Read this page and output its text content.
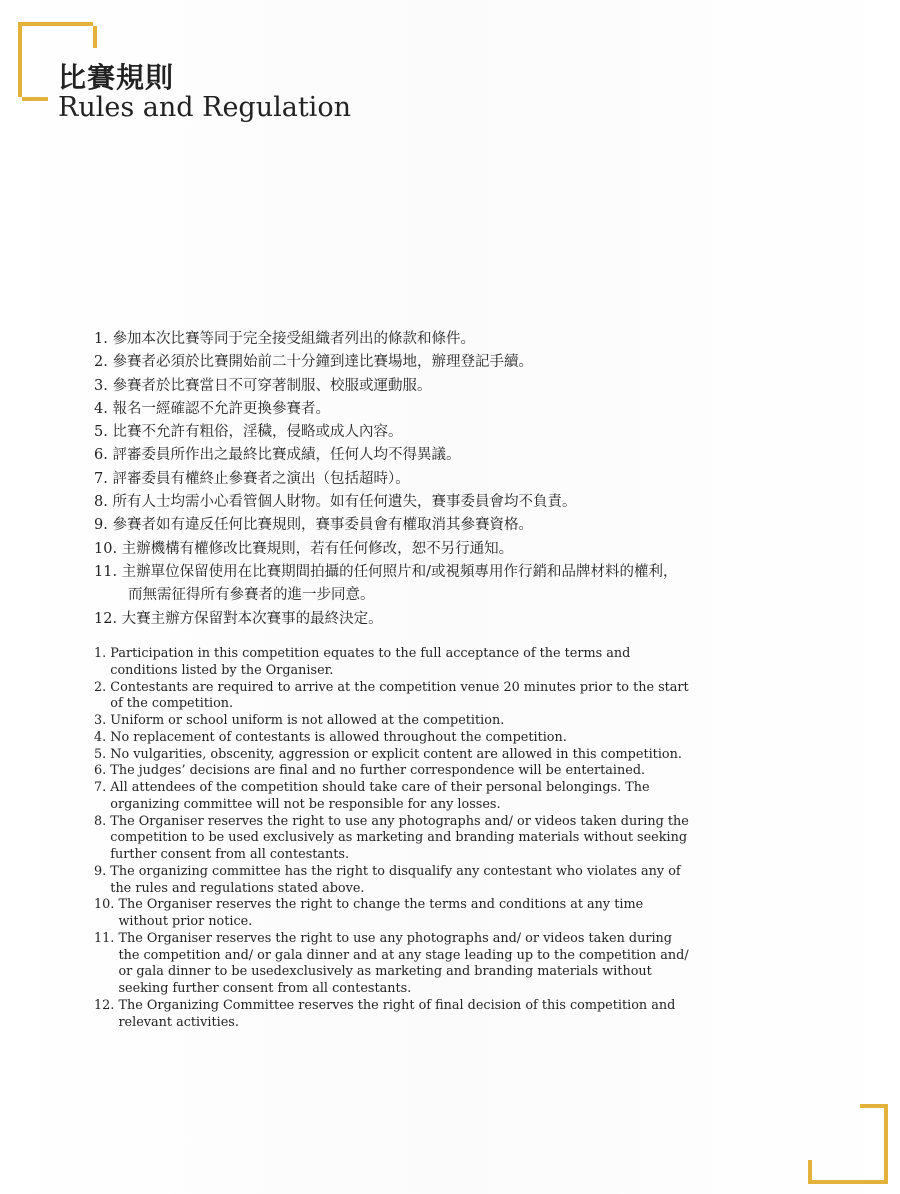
比賽規則
Rules and Regulation
1. 參加本次比賽等同于完全接受組織者列出的條款和條件。
2. 參賽者必須於比賽開始前二十分鐘到達比賽場地，辦理登記手續。
3. 參賽者於比賽當日不可穿著制服、校服或運動服。
4. 報名一經確認不允許更換參賽者。
5. 比賽不允許有粗俗，淫穢，侵略或成人內容。
6. 評審委員所作出之最終比賽成績，任何人均不得異議。
7. 評審委員有權終止參賽者之演出（包括超時）。
8. 所有人士均需小心看管個人財物。如有任何遺失，賽事委員會均不負責。
9. 參賽者如有違反任何比賽規則，賽事委員會有權取消其參賽資格。
10. 主辦機構有權修改比賽規則，若有任何修改，恕不另行通知。
11. 主辦單位保留使用在比賽期間拍攝的任何照片和/或視頻專用作行銷和品牌材料的權利，
而無需征得所有參賽者的進一步同意。
12. 大賽主辦方保留對本次賽事的最終決定。
1.
Participation in this competition equates to the full acceptance of the terms and
conditions listed by the Organiser.
2.
Contestants are required to arrive at the competition venue 20 minutes prior to the start
of the competition.
3.
Uniform or school uniform is not allowed at the competition.
4.
No replacement of contestants is allowed throughout the competition.
5.
No vulgarities, obscenity, aggression or explicit content are allowed in this competition.
6.
The judges’ decisions are final and no further correspondence will be entertained.
7.
All attendees of the competition should take care of their personal belongings. The
organizing committee will not be responsible for any losses.
8.
The Organiser reserves the right to use any photographs and/ or videos taken during the
competition to be used exclusively as marketing and branding materials without seeking
further consent from all contestants.
9.
The organizing committee has the right to disqualify any contestant who violates any of
the rules and regulations stated above.
10.
The Organiser reserves the right to change the terms and conditions at any time
without prior notice.
11.
The Organiser reserves the right to use any photographs and/ or videos taken during
the competition and/ or gala dinner and at any stage leading up to the competition and/
or gala dinner to be usedexclusively as marketing and branding materials without
seeking further consent from all contestants.
12.
The Organizing Committee reserves the right of final decision of this competition and
relevant activities.
